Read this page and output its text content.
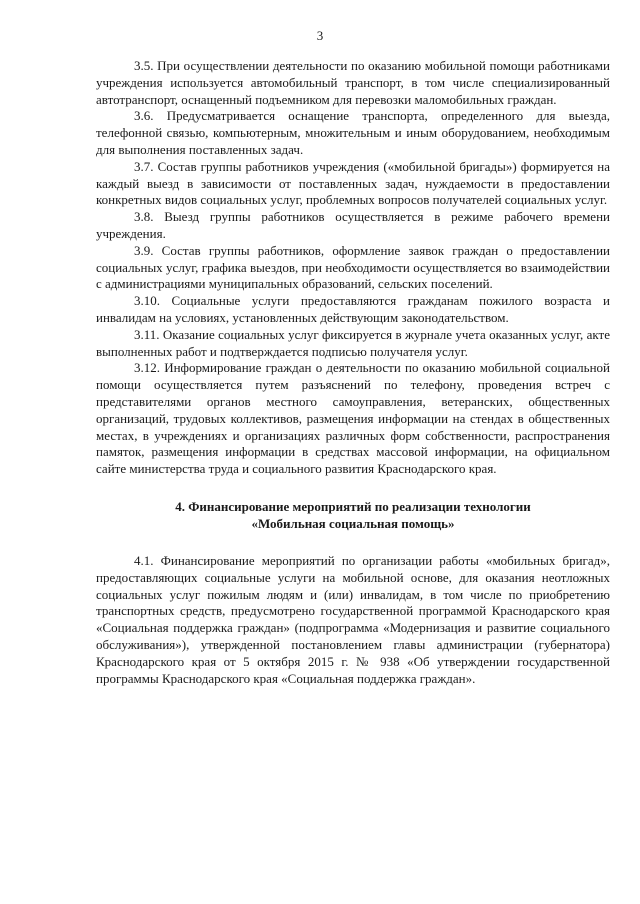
3

3.5. При осуществлении деятельности по оказанию мобильной помощи работниками учреждения используется автомобильный транспорт, в том числе специализированный автотранспорт, оснащенный подъемником для перевозки маломобильных граждан.

3.6. Предусматривается оснащение транспорта, определенного для выезда, телефонной связью, компьютерным, множительным и иным оборудованием, необходимым для выполнения поставленных задач.

3.7. Состав группы работников учреждения («мобильной бригады») формируется на каждый выезд в зависимости от поставленных задач, нуждаемости в предоставлении конкретных видов социальных услуг, проблемных вопросов получателей социальных услуг.

3.8. Выезд группы работников осуществляется в режиме рабочего времени учреждения.

3.9. Состав группы работников, оформление заявок граждан о предоставлении социальных услуг, графика выездов, при необходимости осуществляется во взаимодействии с администрациями муниципальных образований, сельских поселений.

3.10. Социальные услуги предоставляются гражданам пожилого возраста и инвалидам на условиях, установленных действующим законодательством.

3.11. Оказание социальных услуг фиксируется в журнале учета оказанных услуг, акте выполненных работ и подтверждается подписью получателя услуг.

3.12. Информирование граждан о деятельности по оказанию мобильной социальной помощи осуществляется путем разъяснений по телефону, проведения встреч с представителями органов местного самоуправления, ветеранских, общественных организаций, трудовых коллективов, размещения информации на стендах в общественных местах, в учреждениях и организациях различных форм собственности, распространения памяток, размещения информации в средствах массовой информации, на официальном сайте министерства труда и социального развития Краснодарского края.

4. Финансирование мероприятий по реализации технологии
«Мобильная социальная помощь»

4.1. Финансирование мероприятий по организации работы «мобильных бригад», предоставляющих социальные услуги на мобильной основе, для оказания неотложных социальных услуг пожилым людям и (или) инвалидам, в том числе по приобретению транспортных средств, предусмотрено государственной программой Краснодарского края «Социальная поддержка граждан» (подпрограмма «Модернизация и развитие социального обслуживания»), утвержденной постановлением главы администрации (губернатора) Краснодарского края от 5 октября 2015 г. № 938 «Об утверждении государственной программы Краснодарского края «Социальная поддержка граждан».
